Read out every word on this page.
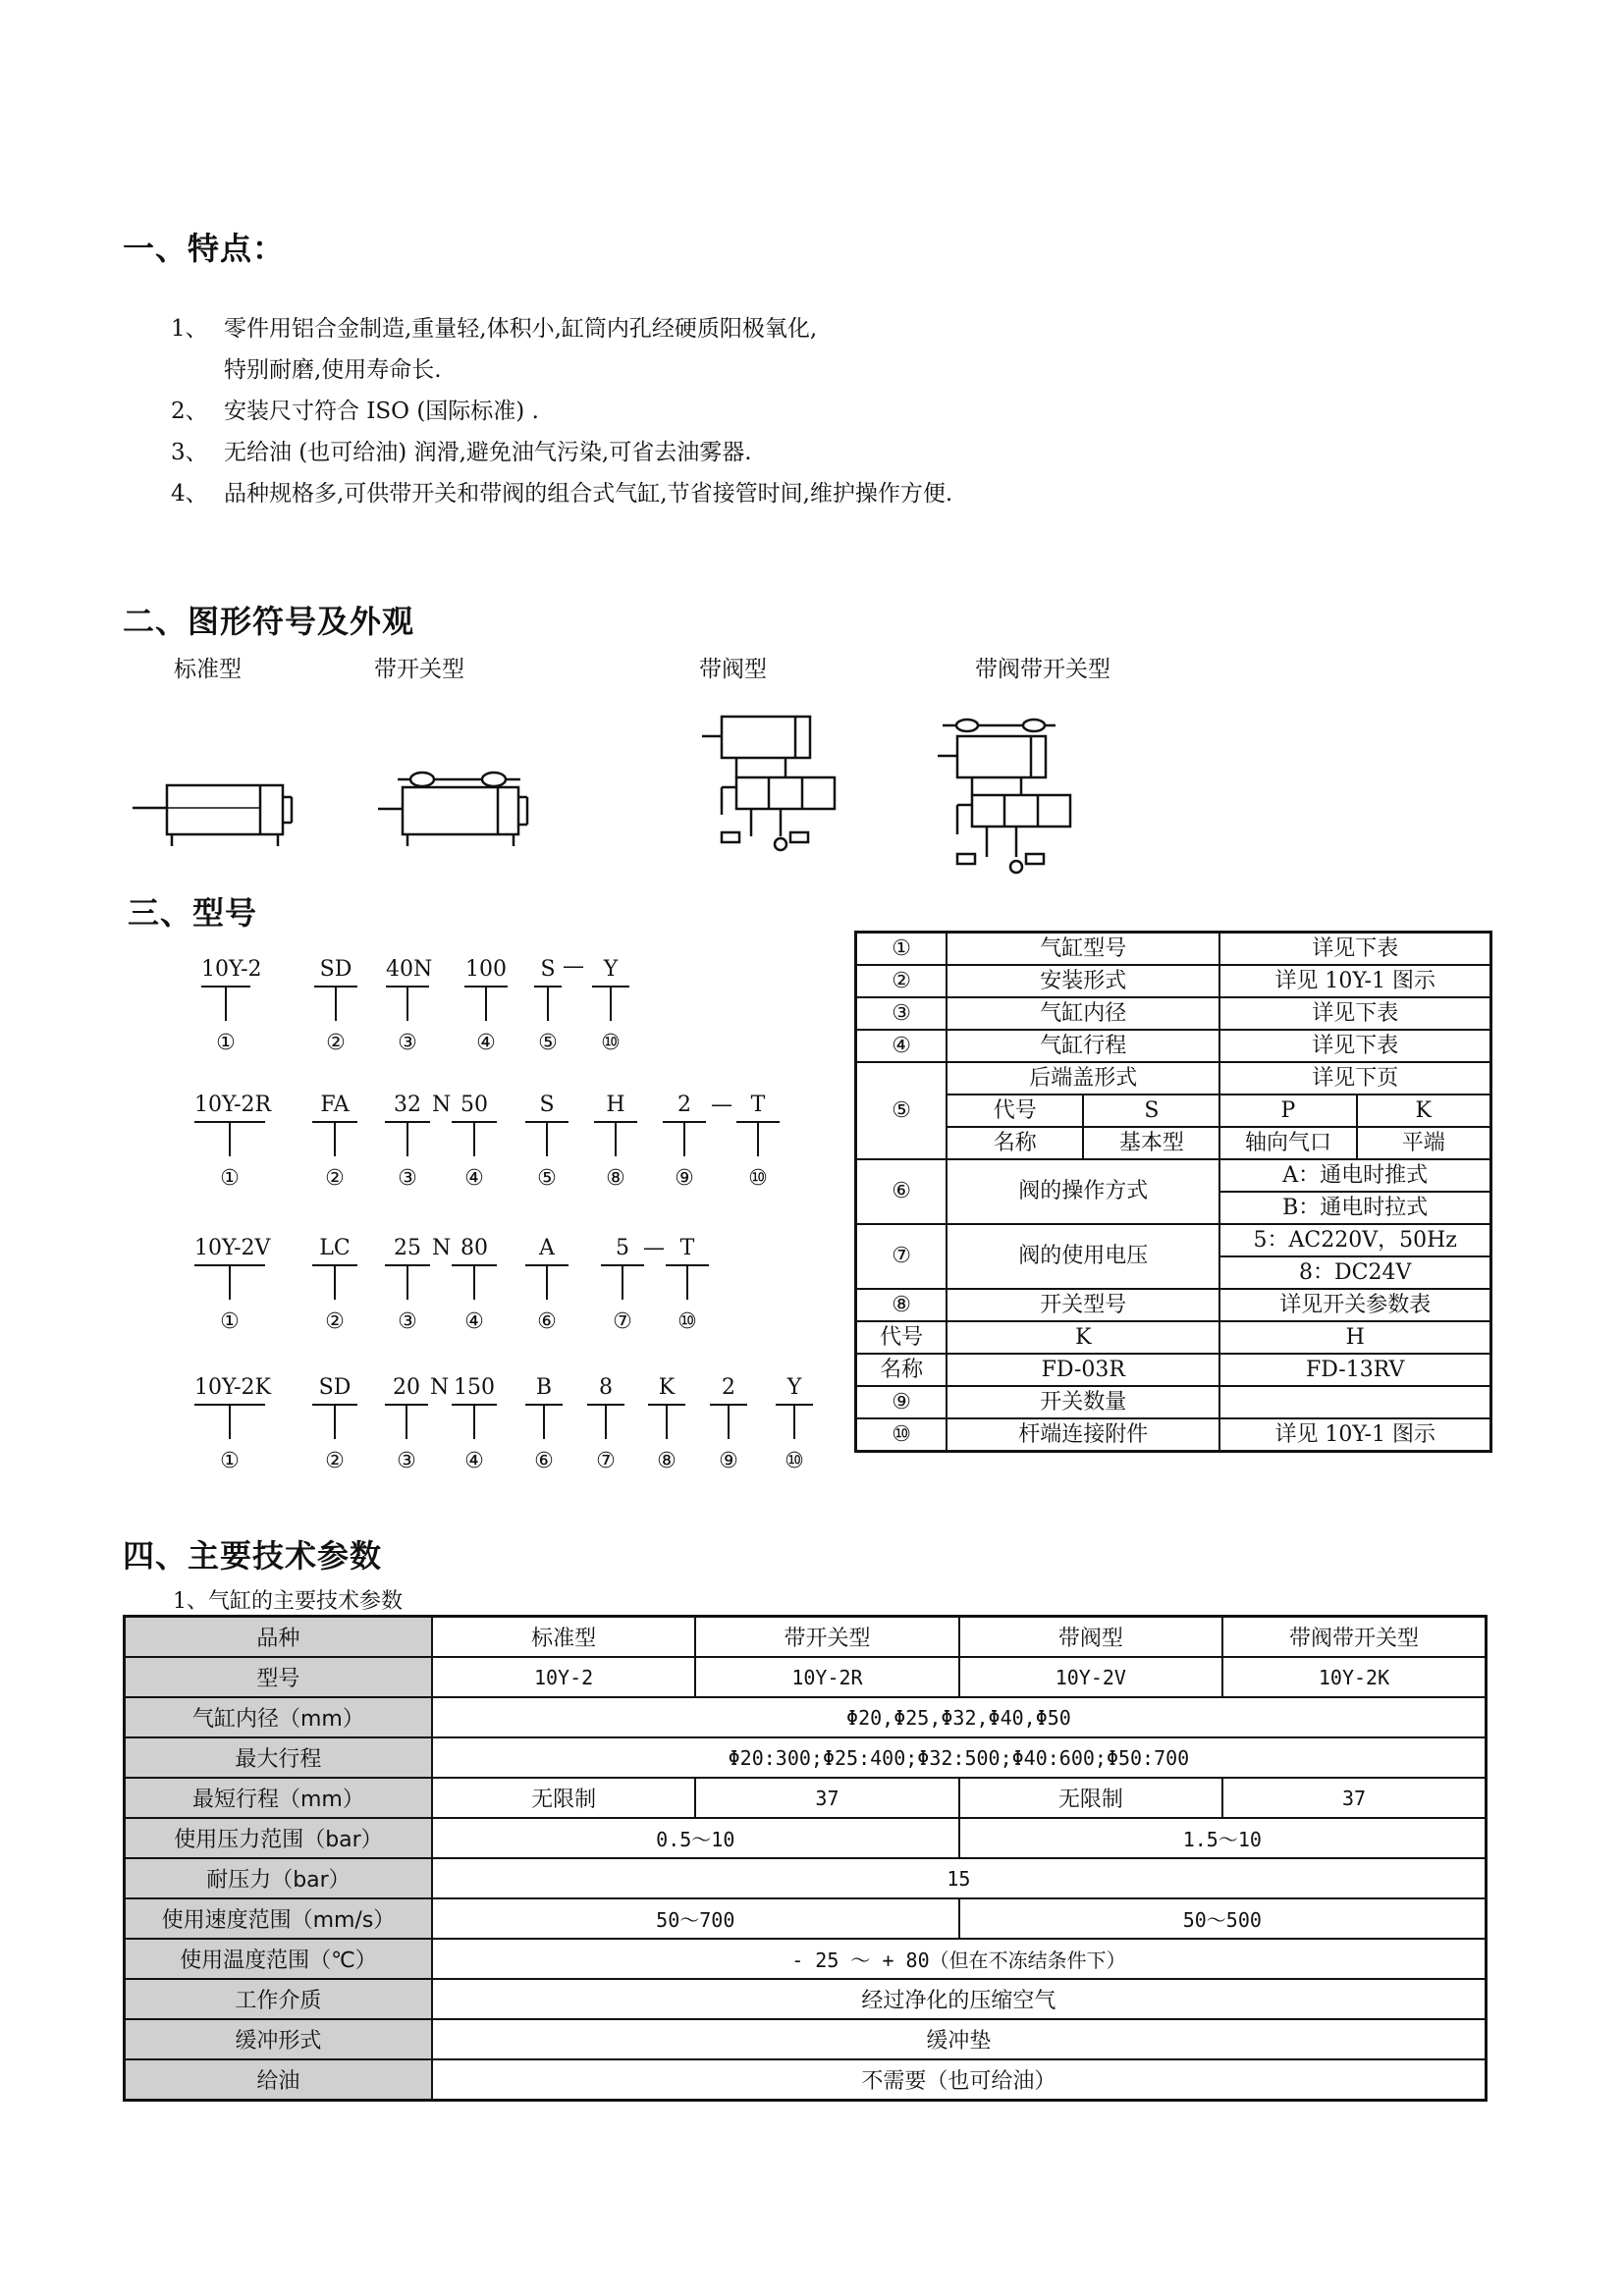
一、特点：
1、 零件用铝合金制造,重量轻,体积小,缸筒内孔经硬质阳极氧化,
特别耐磨,使用寿命长.
2、 安装尺寸符合 ISO (国际标准) .
3、 无给油 (也可给油) 润滑,避免油气污染,可省去油雾器.
4、 品种规格多,可供带开关和带阀的组合式气缸,节省接管时间,维护操作方便.
二、图形符号及外观
标准型	带开关型	带阀型	带阀带开关型
三、型号
10Y-2
①
SD
②
40N
③
100
④
S
⑤
— Y
⑩
10Y-2R
①
FA
②
32
③
N 50
④
S
⑤
H
⑧
2
⑨
— T
⑩
10Y-2V
①
LC
②
25
③
N 80
④
A
⑥
5
⑦
— T
⑩
10Y-2K
①
SD
②
20
③
N 150
④
B
⑥
8
⑦
K
⑧
2
⑨
Y
⑩
①	气缸型号		详见下表	
②	安装形式		详见 10Y-1 图示	
③	气缸内径		详见下表	
④	气缸行程		详见下表	
⑤	后端盖形式		详见下页	
	代号	S	P	K
	名称	基本型	轴向气口	平端
⑥	阀的操作方式		A：通电时推式	
			B：通电时拉式	
⑦	阀的使用电压		5：AC220V，50Hz	
			8：DC24V	
⑧	开关型号		详见开关参数表	
代号	K		H	
名称	FD-03R		FD-13RV	
⑨	开关数量			
⑩	杆端连接附件		详见 10Y-1 图示	
四、主要技术参数
1、气缸的主要技术参数
品种	标准型	带开关型	带阀型	带阀带开关型
型号	10Y-2	10Y-2R	10Y-2V	10Y-2K
气缸内径（mm）	Φ20,Φ25,Φ32,Φ40,Φ50			
最大行程	Φ20:300;Φ25:400;Φ32:500;Φ40:600;Φ50:700			
最短行程（mm）	无限制	37	无限制	37
使用压力范围（bar）	0.5～10		1.5～10	
耐压力（bar）	15			
使用速度范围（mm/s）	50～700		50～500	
使用温度范围（℃）	- 25 ～ + 80（但在不冻结条件下）			
工作介质	经过净化的压缩空气			
缓冲形式	缓冲垫			
给油	不需要（也可给油）			
